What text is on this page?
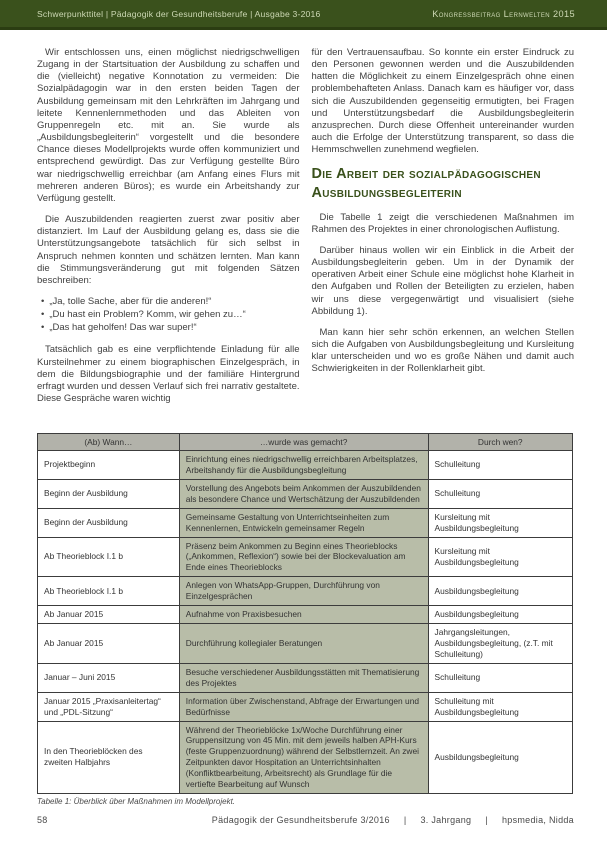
Schwerpunkttitel | Pädagogik der Gesundheitsberufe | Ausgabe 3-2016	Kongressbeitrag Lernwelten 2015

Wir entschlossen uns, einen möglichst niedrigschwelligen Zugang in der Startsituation der Ausbildung zu schaffen und die (vielleicht) negative Konnotation zu vermeiden: Die Sozialpädagogin war in den ersten beiden Tagen der Ausbildung gemeinsam mit den Lehrkräften im Jahrgang und leitete Kennenlernmethoden und das Ableiten von Gruppenregeln etc. mit an. Sie wurde als „Ausbildungsbegleiterin“ vorgestellt und die besondere Chance dieses Modellprojekts wurde offen kommuniziert und entsprechend gewürdigt. Das zur Verfügung gestellte Büro war niedrigschwellig erreichbar (am Anfang eines Flurs mit mehreren anderen Büros); es wurde ein Arbeitshandy zur Verfügung gestellt.

Die Auszubildenden reagierten zuerst zwar positiv aber distanziert. Im Lauf der Ausbildung gelang es, dass sie die Unterstützungsangebote tatsächlich für sich selbst in Anspruch nehmen konnten und schätzen lernten. Man kann die Stimmungsveränderung gut mit folgenden Sätzen beschreiben:

• „Ja, tolle Sache, aber für die anderen!“
• „Du hast ein Problem? Komm, wir gehen zu…“
• „Das hat geholfen! Das war super!“

Tatsächlich gab es eine verpflichtende Einladung für alle Kursteilnehmer zu einem biographischen Einzelgespräch, in dem die Bildungsbiographie und der familiäre Hintergrund erfragt wurden und dessen Verlauf sich frei narrativ gestaltete. Diese Gespräche waren wichtig

für den Vertrauensaufbau. So konnte ein erster Eindruck zu den Personen gewonnen werden und die Auszubildenden hatten die Möglichkeit zu einem Einzelgespräch ohne einen problembehafteten Anlass. Danach kam es häufiger vor, dass sich die Auszubildenden gegenseitig ermutigten, bei Fragen und Unterstützungsbedarf die Ausbildungsbegleiterin anzusprechen. Durch diese Offenheit untereinander wurden auch die Erfolge der Unterstützung transparent, so dass die Hemmschwellen zunehmend wegfielen.

Die Arbeit der sozialpädagogischen Ausbildungsbegleiterin

Die Tabelle 1 zeigt die verschiedenen Maßnahmen im Rahmen des Projektes in einer chronologischen Auflistung.

Darüber hinaus wollen wir ein Einblick in die Arbeit der Ausbildungsbegleiterin geben. Um in der Dynamik der operativen Arbeit einer Schule eine möglichst hohe Klarheit in den Aufgaben und Rollen der Beteiligten zu erzielen, haben wir uns diese vergegenwärtigt und visualisiert (siehe Abbildung 1).

Man kann hier sehr schön erkennen, an welchen Stellen sich die Aufgaben von Ausbildungsbegleitung und Kursleitung klar unterscheiden und wo es große Nähen und damit auch Schwierigkeiten in der Rollenklarheit gibt.

(Ab) Wann…	…wurde was gemacht?	Durch wen?
Projektbeginn	Einrichtung eines niedrigschwellig erreichbaren Arbeitsplatzes, Arbeitshandy für die Ausbildungsbegleitung	Schulleitung
Beginn der Ausbildung	Vorstellung des Angebots beim Ankommen der Auszubildenden als besondere Chance und Wertschätzung der Auszubildenden	Schulleitung
Beginn der Ausbildung	Gemeinsame Gestaltung von Unterrichtseinheiten zum Kennenlernen, Entwickeln gemeinsamer Regeln	Kursleitung mit Ausbildungsbegleitung
Ab Theorieblock I.1 b	Präsenz beim Ankommen zu Beginn eines Theorieblocks („Ankommen, Reflexion“) sowie bei der Blockevaluation am Ende eines Theorieblocks	Kursleitung mit Ausbildungsbegleitung
Ab Theorieblock I.1 b	Anlegen von WhatsApp-Gruppen, Durchführung von Einzelgesprächen	Ausbildungsbegleitung
Ab Januar 2015	Aufnahme von Praxisbesuchen	Ausbildungsbegleitung
Ab Januar 2015	Durchführung kollegialer Beratungen	Jahrgangsleitungen, Ausbildungsbegleitung, (z.T. mit Schulleitung)
Januar – Juni 2015	Besuche verschiedener Ausbildungsstätten mit Thematisierung des Projektes	Schulleitung
Januar 2015 „Praxisanleitertag“ und „PDL-Sitzung“	Information über Zwischenstand, Abfrage der Erwartungen und Bedürfnisse	Schulleitung mit Ausbildungsbegleitung
In den Theorieblöcken des zweiten Halbjahrs	Während der Theorieblöcke 1x/Woche Durchführung einer Gruppensitzung von 45 Min. mit dem jeweils halben APH-Kurs (feste Gruppenzuordnung) während der Selbstlernzeit. An zwei Zeitpunkten davor Hospitation an Unterrichtsinhalten (Konfliktbearbeitung, Arbeitsrecht) als Grundlage für die vertiefte Bearbeitung auf Wunsch	Ausbildungsbegleitung
Tabelle 1: Überblick über Maßnahmen im Modellprojekt.
58	Pädagogik der Gesundheitsberufe 3/2016 | 3. Jahrgang | hpsmedia, Nidda
